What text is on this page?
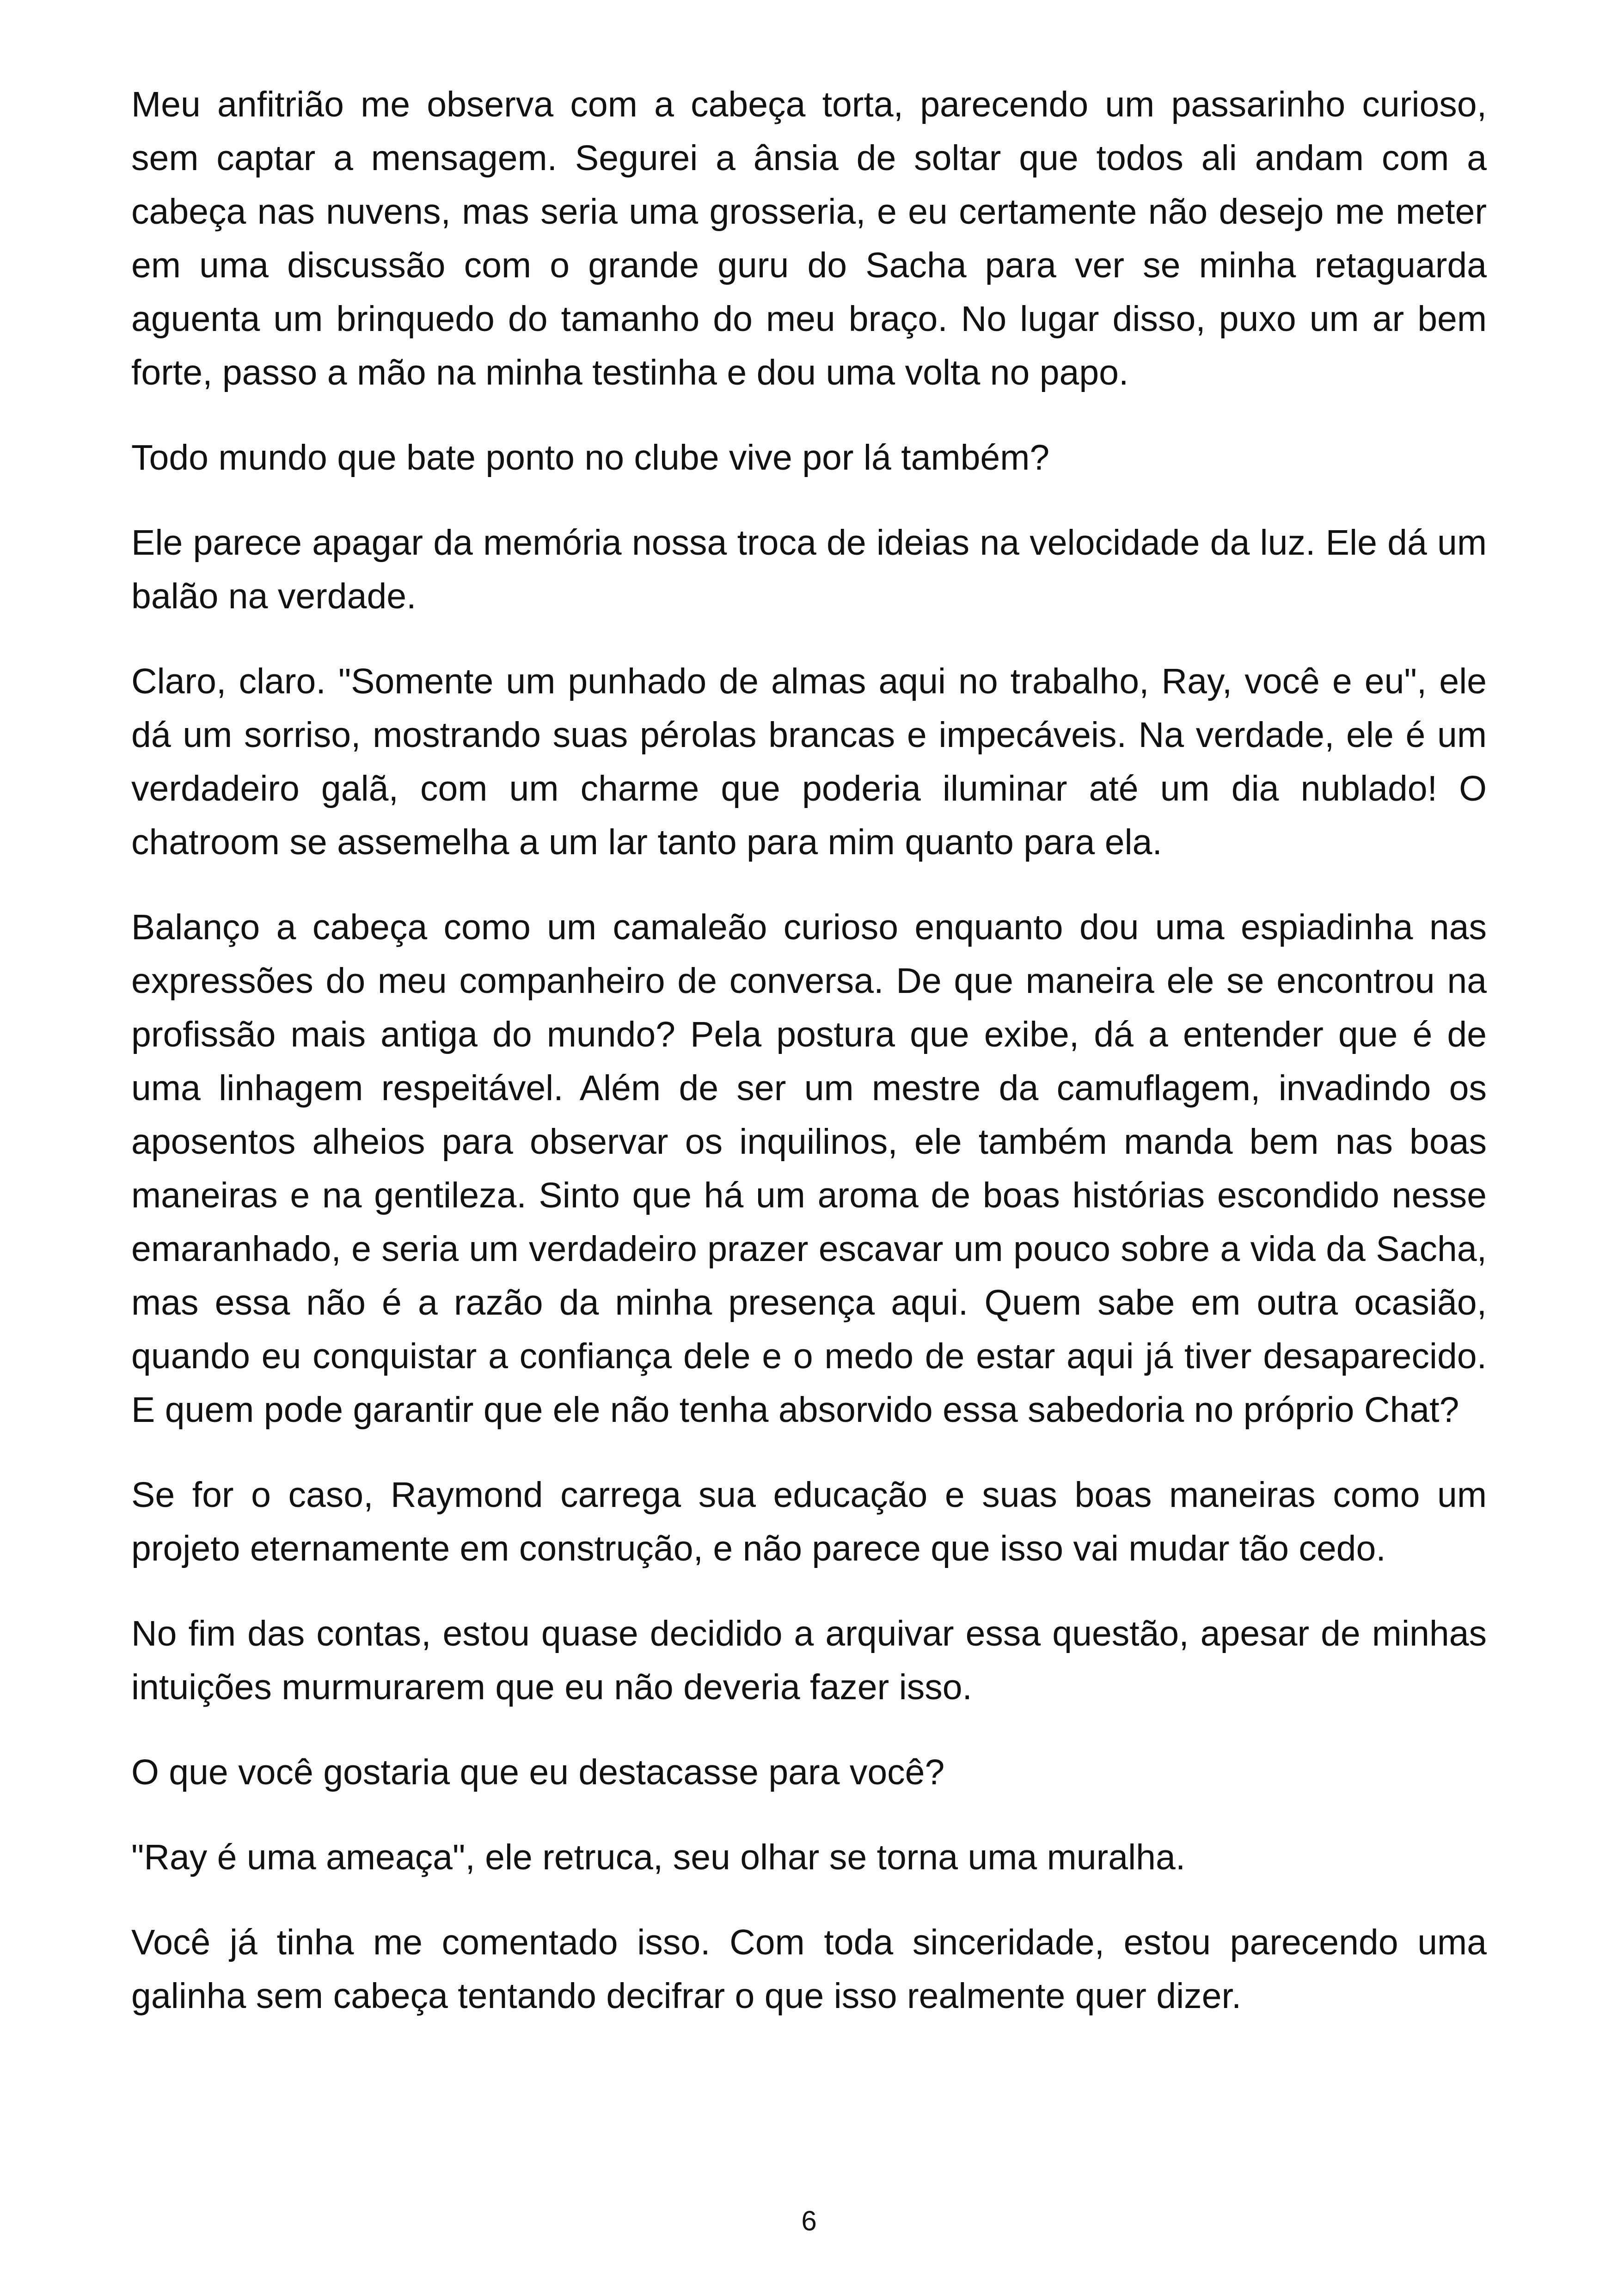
Meu anfitrião me observa com a cabeça torta, parecendo um passarinho curioso, sem captar a mensagem. Segurei a ânsia de soltar que todos ali andam com a cabeça nas nuvens, mas seria uma grosseria, e eu certamente não desejo me meter em uma discussão com o grande guru do Sacha para ver se minha retaguarda aguenta um brinquedo do tamanho do meu braço. No lugar disso, puxo um ar bem forte, passo a mão na minha testinha e dou uma volta no papo.

Todo mundo que bate ponto no clube vive por lá também?

Ele parece apagar da memória nossa troca de ideias na velocidade da luz. Ele dá um balão na verdade.

Claro, claro. "Somente um punhado de almas aqui no trabalho, Ray, você e eu", ele dá um sorriso, mostrando suas pérolas brancas e impecáveis. Na verdade, ele é um verdadeiro galã, com um charme que poderia iluminar até um dia nublado! O chatroom se assemelha a um lar tanto para mim quanto para ela.

Balanço a cabeça como um camaleão curioso enquanto dou uma espiadinha nas expressões do meu companheiro de conversa. De que maneira ele se encontrou na profissão mais antiga do mundo? Pela postura que exibe, dá a entender que é de uma linhagem respeitável. Além de ser um mestre da camuflagem, invadindo os aposentos alheios para observar os inquilinos, ele também manda bem nas boas maneiras e na gentileza. Sinto que há um aroma de boas histórias escondido nesse emaranhado, e seria um verdadeiro prazer escavar um pouco sobre a vida da Sacha, mas essa não é a razão da minha presença aqui. Quem sabe em outra ocasião, quando eu conquistar a confiança dele e o medo de estar aqui já tiver desaparecido. E quem pode garantir que ele não tenha absorvido essa sabedoria no próprio Chat?

Se for o caso, Raymond carrega sua educação e suas boas maneiras como um projeto eternamente em construção, e não parece que isso vai mudar tão cedo.

No fim das contas, estou quase decidido a arquivar essa questão, apesar de minhas intuições murmurarem que eu não deveria fazer isso.

O que você gostaria que eu destacasse para você?

"Ray é uma ameaça", ele retruca, seu olhar se torna uma muralha.

Você já tinha me comentado isso. Com toda sinceridade, estou parecendo uma galinha sem cabeça tentando decifrar o que isso realmente quer dizer.

6
